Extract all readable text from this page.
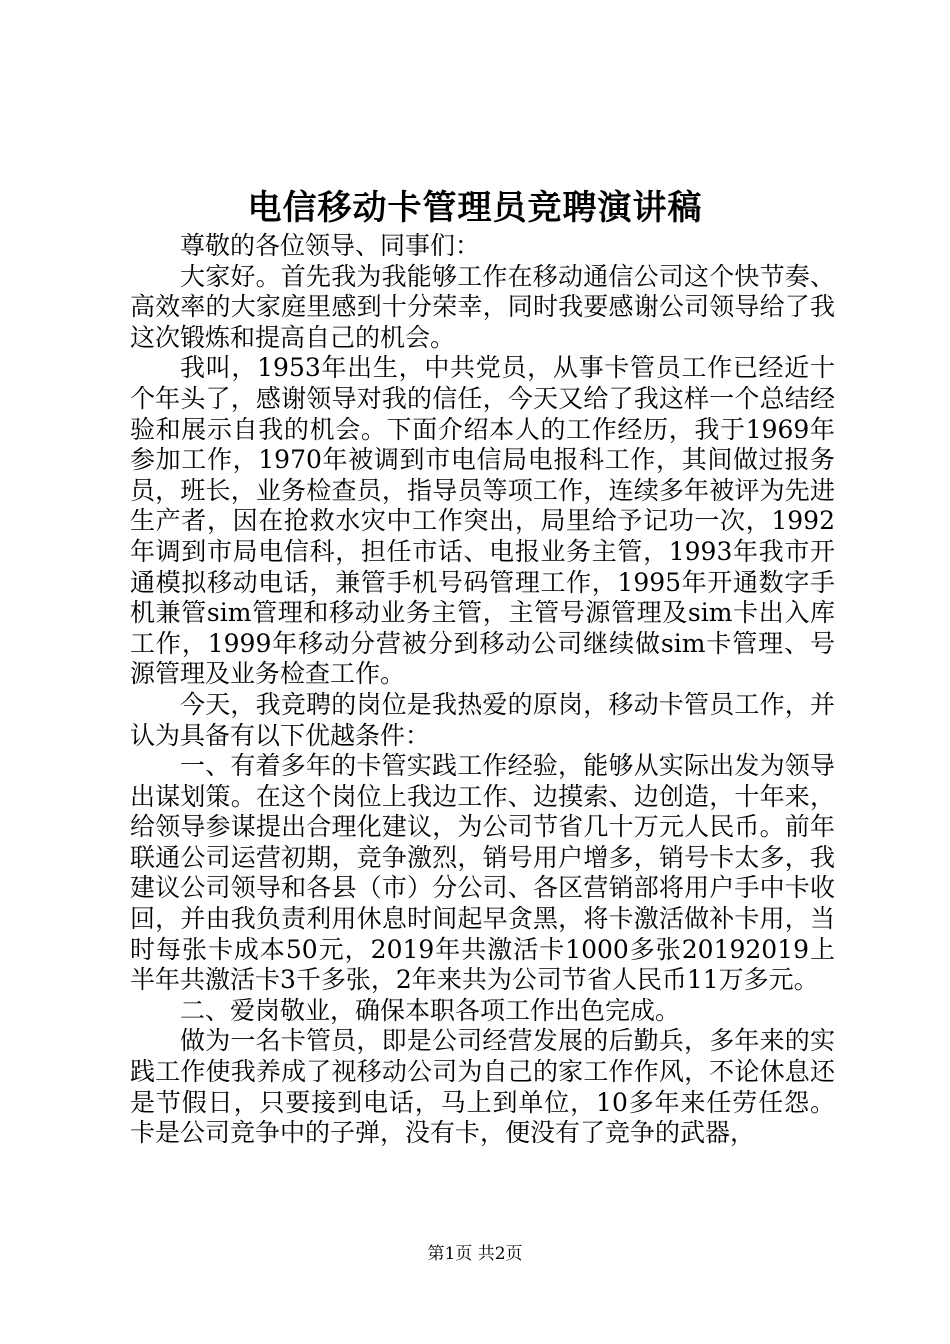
电信移动卡管理员竞聘演讲稿

尊敬的各位领导、同事们：

大家好。首先我为我能够工作在移动通信公司这个快节奏、高效率的大家庭里感到十分荣幸，同时我要感谢公司领导给了我这次锻炼和提高自己的机会。

我叫，1953年出生，中共党员，从事卡管员工作已经近十个年头了，感谢领导对我的信任，今天又给了我这样一个总结经验和展示自我的机会。下面介绍本人的工作经历，我于1969年参加工作，1970年被调到市电信局电报科工作，其间做过报务员，班长，业务检查员，指导员等项工作，连续多年被评为先进生产者，因在抢救水灾中工作突出，局里给予记功一次，1992年调到市局电信科，担任市话、电报业务主管，1993年我市开通模拟移动电话，兼管手机号码管理工作，1995年开通数字手机兼管sim管理和移动业务主管，主管号源管理及sim卡出入库工作，1999年移动分营被分到移动公司继续做sim卡管理、号源管理及业务检查工作。

今天，我竞聘的岗位是我热爱的原岗，移动卡管员工作，并认为具备有以下优越条件：

一、有着多年的卡管实践工作经验，能够从实际出发为领导出谋划策。在这个岗位上我边工作、边摸索、边创造，十年来，给领导参谋提出合理化建议，为公司节省几十万元人民币。前年联通公司运营初期，竞争激烈，销号用户增多，销号卡太多，我建议公司领导和各县（市）分公司、各区营销部将用户手中卡收回，并由我负责利用休息时间起早贪黑，将卡激活做补卡用，当时每张卡成本50元，2019年共激活卡1000多张20192019上半年共激活卡3千多张，2年来共为公司节省人民币11万多元。

二、爱岗敬业，确保本职各项工作出色完成。

做为一名卡管员，即是公司经营发展的后勤兵，多年来的实践工作使我养成了视移动公司为自己的家工作作风，不论休息还是节假日，只要接到电话，马上到单位，10多年来任劳任怨。卡是公司竞争中的子弹，没有卡，便没有了竞争的武器，

第1页 共2页
